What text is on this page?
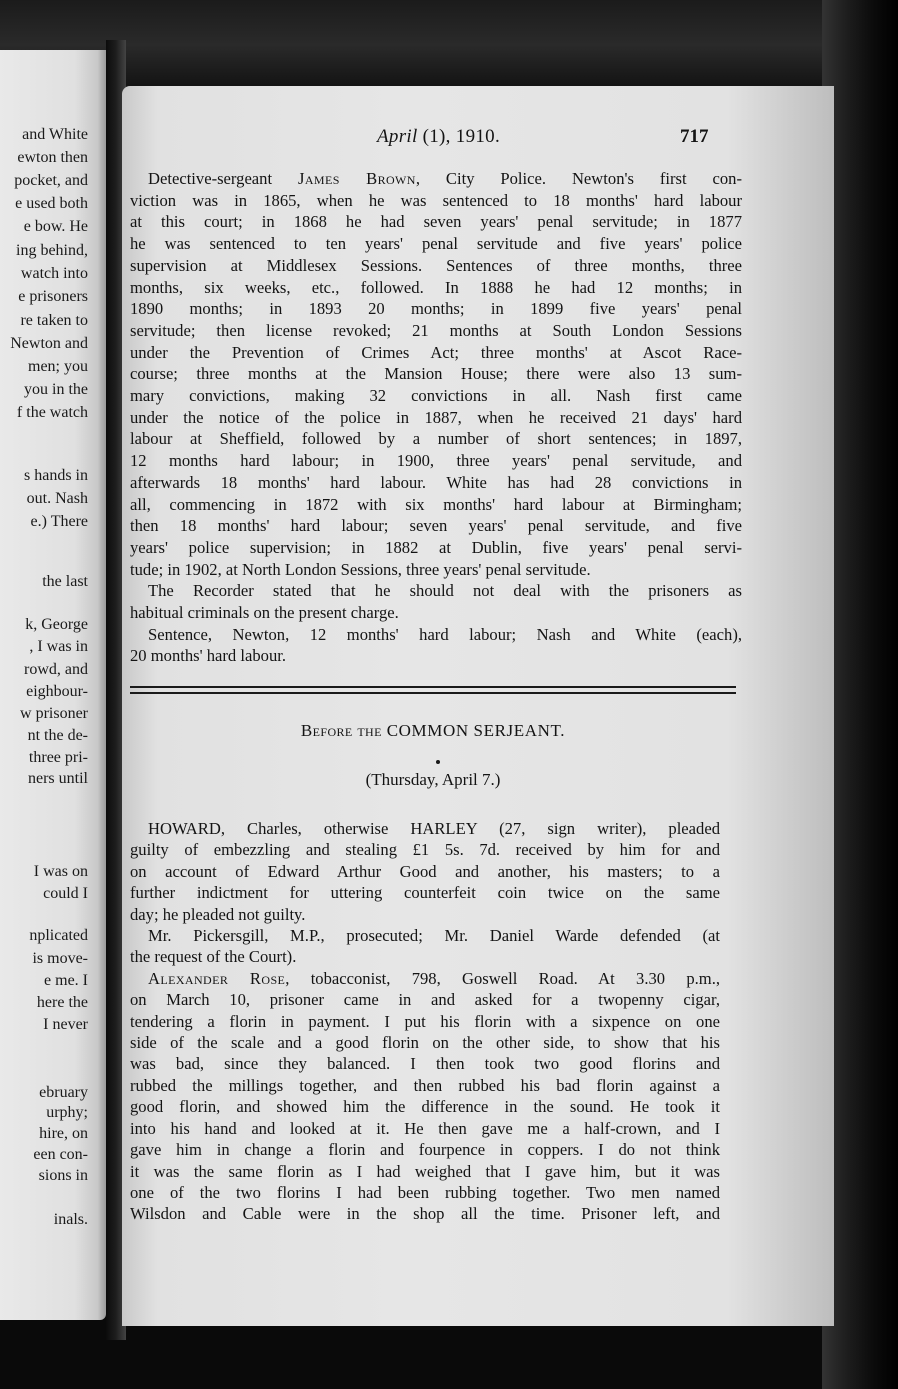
and White
ewton then
pocket, and
e used both
e bow. He
ing behind,
watch into
e prisoners
re taken to
Newton and
men; you
you in the
f the watch
s hands in
out. Nash
e.) There
the last
k, George
, I was in
rowd, and
eighbour-
w prisoner
nt the de-
three pri-
ners until
I was on
could I
nplicated
is move-
e me. I
here the
I never
ebruary
urphy;
hire, on
een con-
sions in
inals.
April (1), 1910.	717
Detective-sergeant James Brown, City Police. Newton's first con-
viction was in 1865, when he was sentenced to 18 months' hard labour
at this court; in 1868 he had seven years' penal servitude; in 1877
he was sentenced to ten years' penal servitude and five years' police
supervision at Middlesex Sessions. Sentences of three months, three
months, six weeks, etc., followed. In 1888 he had 12 months; in
1890 months; in 1893 20 months; in 1899 five years' penal
servitude; then license revoked; 21 months at South London Sessions
under the Prevention of Crimes Act; three months' at Ascot Race-
course; three months at the Mansion House; there were also 13 sum-
mary convictions, making 32 convictions in all. Nash first came
under the notice of the police in 1887, when he received 21 days' hard
labour at Sheffield, followed by a number of short sentences; in 1897,
12 months hard labour; in 1900, three years' penal servitude, and
afterwards 18 months' hard labour. White has had 28 convictions in
all, commencing in 1872 with six months' hard labour at Birmingham;
then 18 months' hard labour; seven years' penal servitude, and five
years' police supervision; in 1882 at Dublin, five years' penal servi-
tude; in 1902, at North London Sessions, three years' penal servitude.
The Recorder stated that he should not deal with the prisoners as
habitual criminals on the present charge.
Sentence, Newton, 12 months' hard labour; Nash and White (each),
20 months' hard labour.
Before the COMMON SERJEANT.
(Thursday, April 7.)
HOWARD, Charles, otherwise HARLEY (27, sign writer), pleaded
guilty of embezzling and stealing £1 5s. 7d. received by him for and
on account of Edward Arthur Good and another, his masters; to a
further indictment for uttering counterfeit coin twice on the same
day; he pleaded not guilty.
Mr. Pickersgill, M.P., prosecuted; Mr. Daniel Warde defended (at
the request of the Court).
Alexander Rose, tobacconist, 798, Goswell Road. At 3.30 p.m.,
on March 10, prisoner came in and asked for a twopenny cigar,
tendering a florin in payment. I put his florin with a sixpence on one
side of the scale and a good florin on the other side, to show that his
was bad, since they balanced. I then took two good florins and
rubbed the millings together, and then rubbed his bad florin against a
good florin, and showed him the difference in the sound. He took it
into his hand and looked at it. He then gave me a half-crown, and I
gave him in change a florin and fourpence in coppers. I do not think
it was the same florin as I had weighed that I gave him, but it was
one of the two florins I had been rubbing together. Two men named
Wilsdon and Cable were in the shop all the time. Prisoner left, and
